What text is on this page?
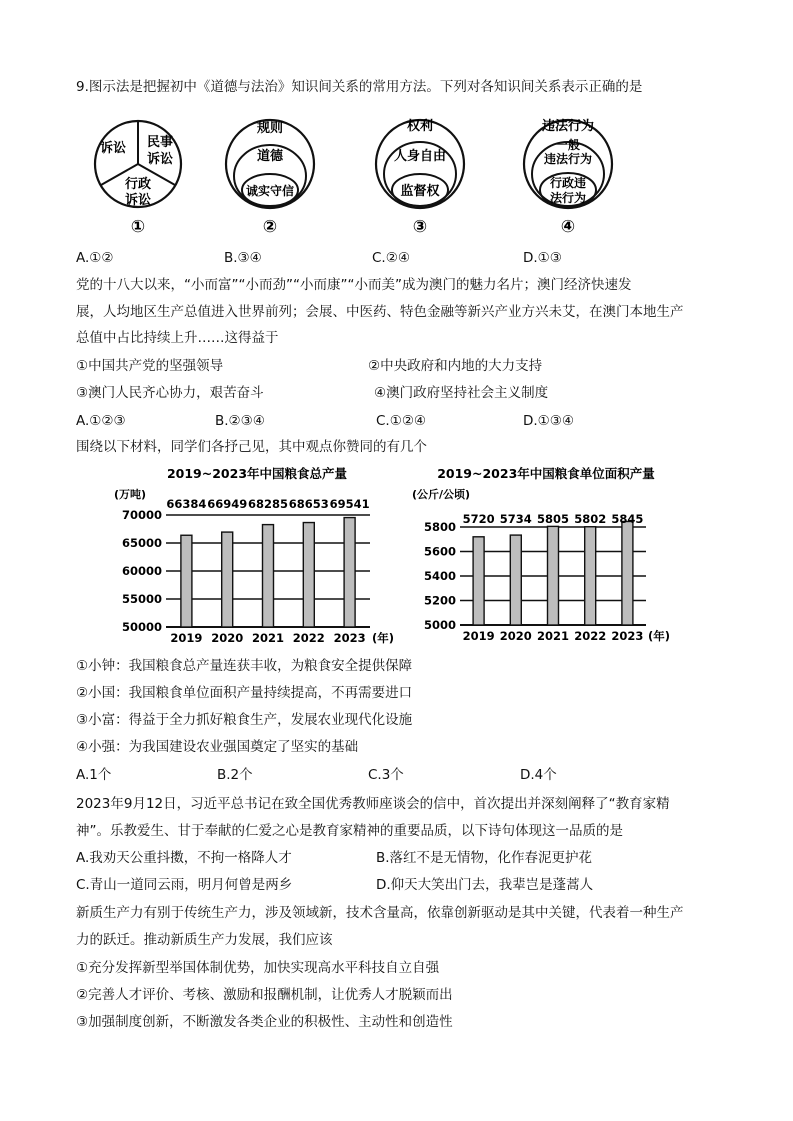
9.图示法是把握初中《道德与法治》知识间关系的常用方法。下列对各知识间关系表示正确的是
诉讼 民事
诉讼
行政
诉讼
①
规则
道德
诚实守信
②
权利
人身自由
监督权
③
违法行为
一般
违法行为
行政违
法行为
④
A.①②	B.③④	C.②④	D.①③
党的十八大以来，“小而富”“小而劲”“小而康”“小而美”成为澳门的魅力名片；澳门经济快速发
展，人均地区生产总值进入世界前列；会展、中医药、特色金融等新兴产业方兴未艾，在澳门本地生产
总值中占比持续上升……这得益于
①中国共产党的坚强领导	②中央政府和内地的大力支持
③澳门人民齐心协力，艰苦奋斗	④澳门政府坚持社会主义制度
A.①②③	B.②③④	C.①②④	D.①③④
围绕以下材料，同学们各抒己见，其中观点你赞同的有几个
2019~2023年中国粮食总产量
(万吨)
50000
55000
60000
65000
70000
66384
2019
66949
2020
68285
2021
68653
2022
69541
2023 (年)
2019~2023年中国粮食单位面积产量
(公斤/公顷)
5000
5200
5400
5600
5800
5720
2019
5734
2020
5805
2021
5802
2022
5845
2023 (年)
①小钟：我国粮食总产量连获丰收，为粮食安全提供保障
②小国：我国粮食单位面积产量持续提高，不再需要进口
③小富：得益于全力抓好粮食生产，发展农业现代化设施
④小强：为我国建设农业强国奠定了坚实的基础
A.1个	B.2个	C.3个	D.4个
2023年9月12日，习近平总书记在致全国优秀教师座谈会的信中，首次提出并深刻阐释了“教育家精
神”。乐教爱生、甘于奉献的仁爱之心是教育家精神的重要品质，以下诗句体现这一品质的是
A.我劝天公重抖擞，不拘一格降人才	B.落红不是无情物，化作春泥更护花
C.青山一道同云雨，明月何曾是两乡	D.仰天大笑出门去，我辈岂是蓬蒿人
新质生产力有别于传统生产力，涉及领域新，技术含量高，依靠创新驱动是其中关键，代表着一种生产
力的跃迁。推动新质生产力发展，我们应该
①充分发挥新型举国体制优势，加快实现高水平科技自立自强
②完善人才评价、考核、激励和报酬机制，让优秀人才脱颖而出
③加强制度创新，不断激发各类企业的积极性、主动性和创造性
